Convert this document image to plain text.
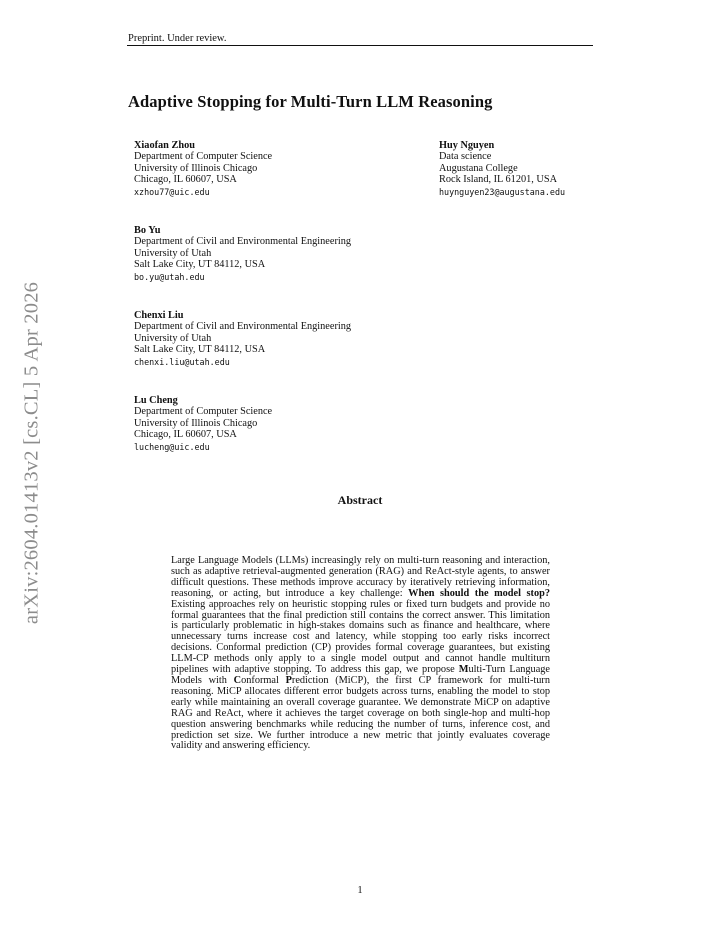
Preprint. Under review.
Adaptive Stopping for Multi-Turn LLM Reasoning
Xiaofan Zhou
Department of Computer Science
University of Illinois Chicago
Chicago, IL 60607, USA
xzhou77@uic.edu
Huy Nguyen
Data science
Augustana College
Rock Island, IL 61201, USA
huynguyen23@augustana.edu
Bo Yu
Department of Civil and Environmental Engineering
University of Utah
Salt Lake City, UT 84112, USA
bo.yu@utah.edu
Chenxi Liu
Department of Civil and Environmental Engineering
University of Utah
Salt Lake City, UT 84112, USA
chenxi.liu@utah.edu
Lu Cheng
Department of Computer Science
University of Illinois Chicago
Chicago, IL 60607, USA
lucheng@uic.edu
arXiv:2604.01413v2 [cs.CL] 5 Apr 2026	Abstract

Large Language Models (LLMs) increasingly rely on multi-turn reasoning and interaction, such as adaptive retrieval-augmented generation (RAG) and ReAct-style agents, to answer difficult questions. These methods improve accuracy by iteratively retrieving information, reasoning, or acting, but introduce a key challenge: When should the model stop? Existing approaches rely on heuristic stopping rules or fixed turn budgets and provide no formal guarantees that the final prediction still contains the correct answer. This limitation is particularly problematic in high-stakes domains such as finance and healthcare, where unnecessary turns increase cost and latency, while stopping too early risks incorrect decisions. Conformal prediction (CP) provides formal coverage guarantees, but existing LLM-CP methods only apply to a single model output and cannot handle multiturn pipelines with adaptive stopping. To address this gap, we propose Multi-Turn Language Models with Conformal Prediction (MiCP), the first CP framework for multi-turn reasoning. MiCP allocates different error budgets across turns, enabling the model to stop early while maintaining an overall coverage guarantee. We demonstrate MiCP on adaptive RAG and ReAct, where it achieves the target coverage on both single-hop and multi-hop question answering benchmarks while reducing the number of turns, inference cost, and prediction set size. We further introduce a new metric that jointly evaluates coverage validity and answering efficiency.

1
